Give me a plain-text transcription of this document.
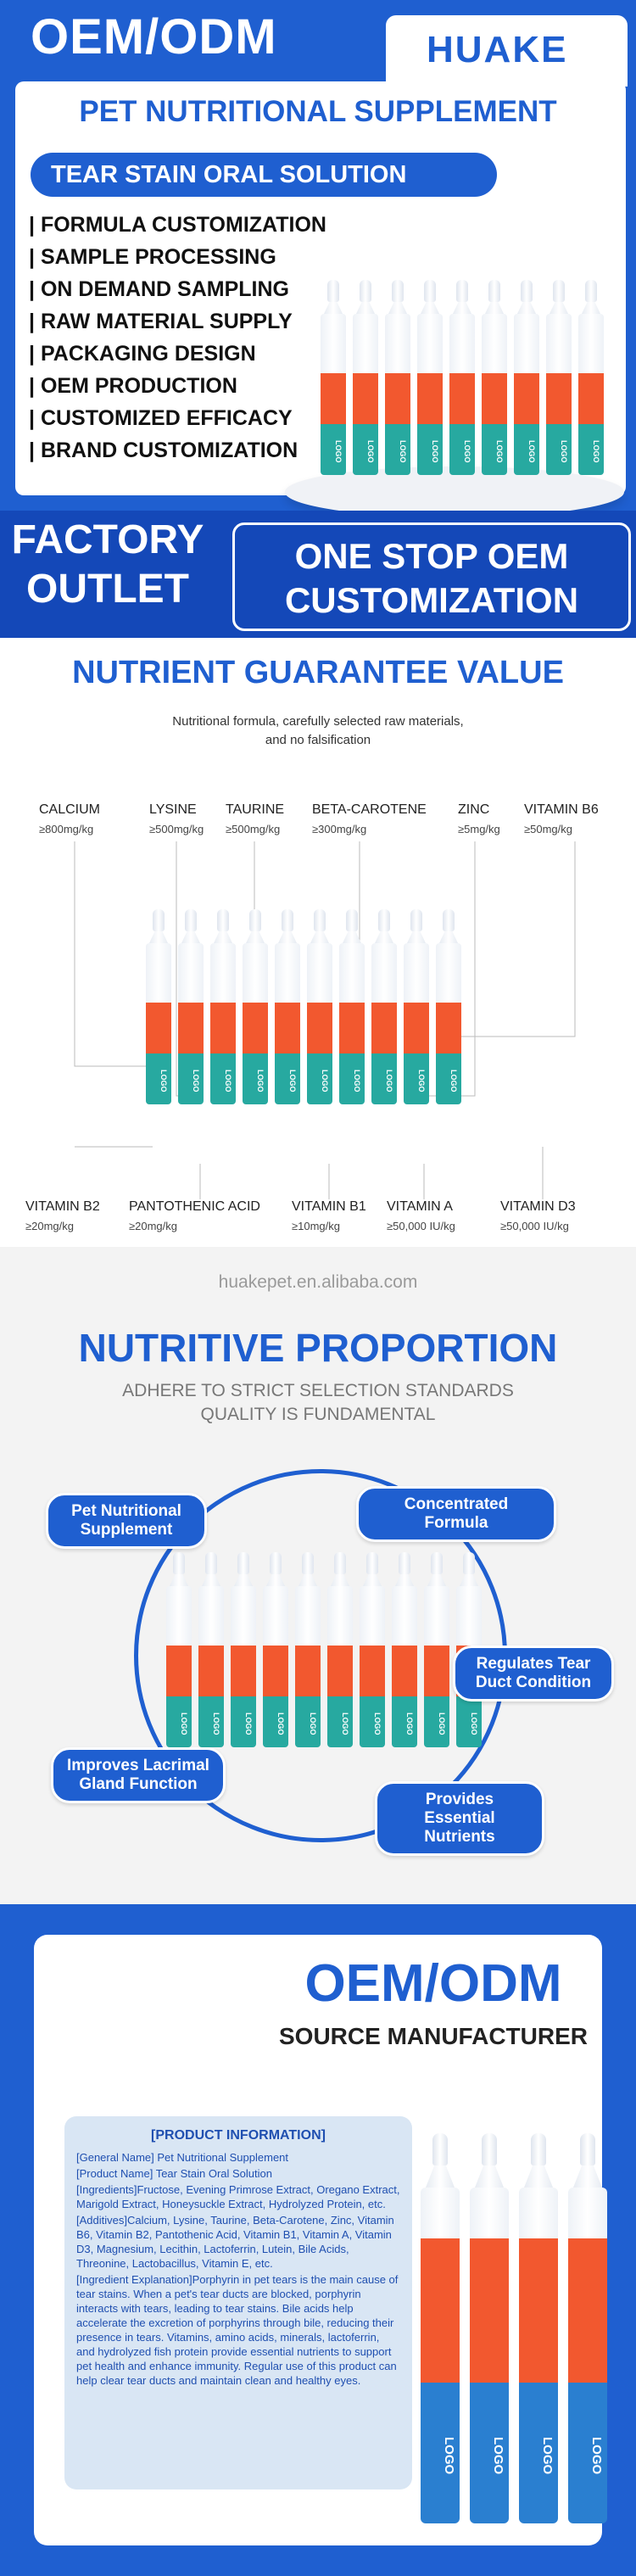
OEM/ODM	HUAKE
PET NUTRITIONAL SUPPLEMENT
TEAR STAIN ORAL SOLUTION
| FORMULA CUSTOMIZATION
| SAMPLE PROCESSING
| ON DEMAND SAMPLING
| RAW MATERIAL SUPPLY
| PACKAGING DESIGN
| OEM PRODUCTION
| CUSTOMIZED EFFICACY
| BRAND CUSTOMIZATION	LOGO	LOGO	LOGO	LOGO	LOGO	LOGO	LOGO	LOGO	LOGO
FACTORY OUTLET
ONE STOP OEM
CUSTOMIZATION
NUTRIENT GUARANTEE VALUE
Nutritional formula, carefully selected raw materials,
and no falsification
CALCIUM
≥800mg/kg
LYSINE
≥500mg/kg
TAURINE
≥500mg/kg
BETA-CAROTENE
≥300mg/kg
ZINC
≥5mg/kg
VITAMIN B6
≥50mg/kg
LOGO	LOGO	LOGO	LOGO	LOGO	LOGO	LOGO	LOGO	LOGO	LOGO
VITAMIN B2
≥20mg/kg
PANTOTHENIC ACID
≥20mg/kg
VITAMIN B1
≥10mg/kg
VITAMIN A
≥50,000 IU/kg
VITAMIN D3
≥50,000 IU/kg
huakepet.en.alibaba.com
NUTRITIVE PROPORTION
ADHERE TO STRICT SELECTION STANDARDS
QUALITY IS FUNDAMENTAL
LOGO	LOGO	LOGO	LOGO	LOGO	LOGO	LOGO	LOGO	LOGO	LOGO
Pet Nutritional Supplement
Concentrated Formula
Regulates Tear Duct Condition
Improves Lacrimal Gland Function
Provides Essential Nutrients
OEM/ODM
SOURCE MANUFACTURER
[PRODUCT INFORMATION]
[General Name] Pet Nutritional Supplement
[Product Name] Tear Stain Oral Solution
[Ingredients]Fructose, Evening Primrose Extract, Oregano Extract, Marigold Extract, Honeysuckle Extract, Hydrolyzed Protein, etc.
[Additives]Calcium, Lysine, Taurine, Beta-Carotene, Zinc, Vitamin B6, Vitamin B2, Pantothenic Acid, Vitamin B1, Vitamin A, Vitamin D3, Magnesium, Lecithin, Lactoferrin, Lutein, Bile Acids, Threonine, Lactobacillus, Vitamin E, etc.
[Ingredient Explanation]Porphyrin in pet tears is the main cause of tear stains. When a pet's tear ducts are blocked, porphyrin interacts with tears, leading to tear stains. Bile acids help accelerate the excretion of porphyrins through bile, reducing their presence in tears. Vitamins, amino acids, minerals, lactoferrin, and hydrolyzed fish protein provide essential nutrients to support pet health and enhance immunity. Regular use of this product can help clear tear ducts and maintain clean and healthy eyes.
LOGO	LOGO	LOGO	LOGO
